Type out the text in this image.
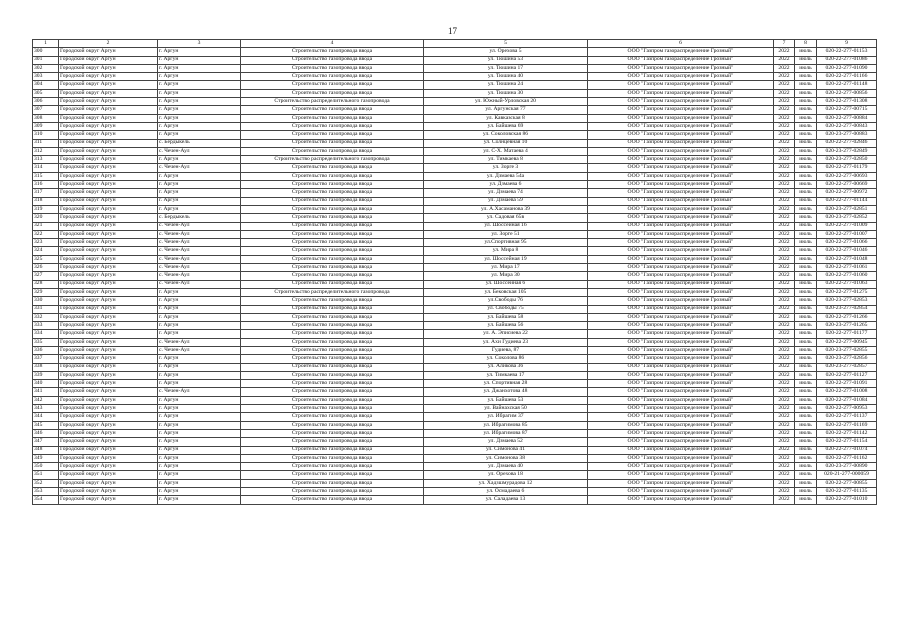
17
1	2	3	4	5	6	7	8	9
300	Городской округ Аргун	г. Аргун	Строительство газопровода ввода	ул. Орехова 5	ООО "Газпром газораспределение Грозный"	2022	июль	020-22-277-01153
301	Городской округ Аргун	г. Аргун	Строительство газопровода ввода	ул. Тюшина 53	ООО "Газпром газораспределение Грозный"	2022	июль	020-22-277-01086
302	Городской округ Аргун	г. Аргун	Строительство газопровода ввода	ул. Тюшина 17	ООО "Газпром газораспределение Грозный"	2022	июль	020-22-277-01090
303	Городской округ Аргун	г. Аргун	Строительство газопровода ввода	ул. Тюшина 40	ООО "Газпром газораспределение Грозный"	2022	июль	020-22-277-01166
304	Городской округ Аргун	г. Аргун	Строительство газопровода ввода	ул. Тюшина 24	ООО "Газпром газораспределение Грозный"	2022	июль	020-22-277-01148
305	Городской округ Аргун	г. Аргун	Строительство газопровода ввода	ул. Тюшина 30	ООО "Газпром газораспределение Грозный"	2022	июль	020-22-277-00856
306	Городской округ Аргун	г. Аргун	Строительство распределительного газопровода	ул. Южный-Урловская 20	ООО "Газпром газораспределение Грозный"	2022	июль	020-22-277-01308
307	Городской округ Аргун	г. Аргун	Строительство газопровода ввода	ул. Аргунская 77	ООО "Газпром газораспределение Грозный"	2022	июль	020-22-277-00715
308	Городской округ Аргун	г. Аргун	Строительство газопровода ввода	ул. Кавказская 8	ООО "Газпром газораспределение Грозный"	2022	июль	020-22-277-00884
309	Городской округ Аргун	г. Аргун	Строительство газопровода ввода	ул. Байшева 69	ООО "Газпром газораспределение Грозный"	2022	июль	020-22-277-00843
310	Городской округ Аргун	г. Аргун	Строительство газопровода ввода	ул. Соколовская 86	ООО "Газпром газораспределение Грозный"	2022	июль	020-23-277-00883
311	Городской округ Аргун	с. Бердыкель	Строительство газопровода ввода	ул. Солнцевная 10	ООО "Газпром газораспределение Грозный"	2022	июль	020-22-277-02846
312	Городской округ Аргун	с. Чечен-Аул	Строительство газопровода ввода	ул. С-Х. Матаева 4	ООО "Газпром газораспределение Грозный"	2022	июль	020-23-277-02849
313	Городской округ Аргун	г. Аргун	Строительство распределительного газопровода	ул. Тимкаева 8	ООО "Газпром газораспределение Грозный"	2022	июль	020-23-277-02850
314	Городской округ Аргун	с. Чечен-Аул	Строительство газопровода ввода	ул. Зорге 3	ООО "Газпром газораспределение Грозный"	2022	июль	020-22-277-01179
315	Городской округ Аргун	г. Аргун	Строительство газопровода ввода	ул. Дзмаева 54а	ООО "Газпром газораспределение Грозный"	2022	июль	020-22-277-00693
316	Городской округ Аргун	г. Аргун	Строительство газопровода ввода	ул. Дзмаева 6	ООО "Газпром газораспределение Грозный"	2022	июль	020-22-277-00669
317	Городской округ Аргун	г. Аргун	Строительство газопровода ввода	ул. Дзмаева 74	ООО "Газпром газораспределение Грозный"	2022	июль	020-22-277-00972
318	Городской округ Аргун	г. Аргун	Строительство газопровода ввода	ул. Дзмаева 59	ООО "Газпром газораспределение Грозный"	2022	июль	020-22-277-01144
319	Городской округ Аргун	г. Аргун	Строительство газопровода ввода	ул. А.Хасаманова 39	ООО "Газпром газораспределение Грозный"	2022	июль	020-23-277-02851
320	Городской округ Аргун	с. Бердыкель	Строительство газопровода ввода	ул. Садовая 65в	ООО "Газпром газораспределение Грозный"	2022	июль	020-23-277-02852
321	Городской округ Аргун	с. Чечен-Аул	Строительство газопровода ввода	ул. Шоссейная 16	ООО "Газпром газораспределение Грозный"	2022	июль	020-22-277-01009
322	Городской округ Аргун	с. Чечен-Аул	Строительство газопровода ввода	ул. Зорге 51	ООО "Газпром газораспределение Грозный"	2022	июль	020-22-277-01007
323	Городской округ Аргун	с. Чечен-Аул	Строительство газопровода ввода	ул.Спортивная 95	ООО "Газпром газораспределение Грозный"	2022	июль	020-22-277-01066
324	Городской округ Аргун	с. Чечен-Аул	Строительство газопровода ввода	ул. Мира 8	ООО "Газпром газораспределение Грозный"	2022	июль	020-22-277-01046
325	Городской округ Аргун	с. Чечен-Аул	Строительство газопровода ввода	ул. Шоссейная 19	ООО "Газпром газораспределение Грозный"	2022	июль	020-22-277-01048
326	Городской округ Аргун	с. Чечен-Аул	Строительство газопровода ввода	ул. Мира 17	ООО "Газпром газораспределение Грозный"	2022	июль	020-22-277-01061
327	Городской округ Аргун	с. Чечен-Аул	Строительство газопровода ввода	ул. Мира 30	ООО "Газпром газораспределение Грозный"	2022	июль	020-22-277-01060
328	Городской округ Аргун	с. Чечен-Аул	Строительство газопровода ввода	ул. Шоссейная 6	ООО "Газпром газораспределение Грозный"	2022	июль	020-22-277-01063
329	Городской округ Аргун	г. Аргун	Строительство распределительного газопровода	ул. Бековская 105	ООО "Газпром газораспределение Грозный"	2022	июль	020-22-277-01275
330	Городской округ Аргун	г. Аргун	Строительство газопровода ввода	ул.Свободы 76	ООО "Газпром газораспределение Грозный"	2022	июль	020-23-277-02853
331	Городской округ Аргун	г. Аргун	Строительство газопровода ввода	ул. Свободы 75	ООО "Газпром газораспределение Грозный"	2022	июль	020-23-277-02854
332	Городской округ Аргун	г. Аргун	Строительство газопровода ввода	ул. Байшева 58	ООО "Газпром газораспределение Грозный"	2022	июль	020-22-277-01266
333	Городской округ Аргун	г. Аргун	Строительство газопровода ввода	ул. Байшева 56	ООО "Газпром газораспределение Грозный"	2022	июль	020-23-277-01265
334	Городской округ Аргун	г. Аргун	Строительство газопровода ввода	ул. А. Эписиева 22	ООО "Газпром газораспределение Грозный"	2022	июль	020-22-277-01177
335	Городской округ Аргун	с. Чечен-Аул	Строительство газопровода ввода	ул. Ахи Гудиева 23	ООО "Газпром газораспределение Грозный"	2022	июль	020-22-277-00945
336	Городской округ Аргун	с. Чечен-Аул	Строительство газопровода ввода	Гудиева, 87	ООО "Газпром газораспределение Грозный"	2022	июль	020-23-277-02855
337	Городской округ Аргун	г. Аргун	Строительство газопровода ввода	ул. Соколова 86	ООО "Газпром газораспределение Грозный"	2022	июль	020-23-277-02856
338	Городской округ Аргун	г. Аргун	Строительство газопровода ввода	ул. Аликова 36	ООО "Газпром газораспределение Грозный"	2022	июль	020-23-277-02857
339	Городской округ Аргун	г. Аргун	Строительство газопровода ввода	ул. Тимкаева 17	ООО "Газпром газораспределение Грозный"	2022	июль	020-22-277-01127
340	Городской округ Аргун	г. Аргун	Строительство газопровода ввода	ул. Спортивная 28	ООО "Газпром газораспределение Грозный"	2022	июль	020-22-277-01091
341	Городской округ Аргун	с. Чечен-Аул	Строительство газопровода ввода	ул. Джанхотова 48	ООО "Газпром газораспределение Грозный"	2022	июль	020-22-277-01008
342	Городской округ Аргун	г. Аргун	Строительство газопровода ввода	ул. Байшева 53	ООО "Газпром газораспределение Грозный"	2022	июль	020-22-277-01084
343	Городской округ Аргун	г. Аргун	Строительство газопровода ввода	ул. Вайнахская 50	ООО "Газпром газораспределение Грозный"	2022	июль	020-22-277-00953
344	Городской округ Аргун	г. Аргун	Строительство газопровода ввода	ул. Ибрагим 37	ООО "Газпром газораспределение Грозный"	2022	июль	020-22-277-01137
345	Городской округ Аргун	г. Аргун	Строительство газопровода ввода	ул. Ибрагимова 85	ООО "Газпром газораспределение Грозный"	2022	июль	020-22-277-01169
346	Городской округ Аргун	г. Аргун	Строительство газопровода ввода	ул. Ибрагимова 87	ООО "Газпром газораспределение Грозный"	2022	июль	020-22-277-01142
347	Городской округ Аргун	г. Аргун	Строительство газопровода ввода	ул. Дзмаева 52	ООО "Газпром газораспределение Грозный"	2022	июль	020-22-277-01154
348	Городской округ Аргун	г. Аргун	Строительство газопровода ввода	ул. Симонова 41	ООО "Газпром газораспределение Грозный"	2022	июль	020-22-277-01074
349	Городской округ Аргун	г. Аргун	Строительство газопровода ввода	ул. Симонова 38	ООО "Газпром газораспределение Грозный"	2022	июль	020-22-277-01162
350	Городской округ Аргун	г. Аргун	Строительство газопровода ввода	ул. Дзмаева 40	ООО "Газпром газораспределение Грозный"	2022	июль	020-23-277-00890
351	Городской округ Аргун	г. Аргун	Строительство газопровода ввода	ул. Орехова 18	ООО "Газпром газораспределение Грозный"	2022	июль	020-21-277-000059
352	Городской округ Аргун	г. Аргун	Строительство газопровода ввода	ул. Хадзшмурадова 12	ООО "Газпром газораспределение Грозный"	2022	июль	020-22-277-00855
353	Городской округ Аргун	г. Аргун	Строительство газопровода ввода	ул. Осмадаева 6	ООО "Газпром газораспределение Грозный"	2022	июль	020-22-277-01135
354	Городской округ Аргун	г. Аргун	Строительство газопровода ввода	ул. Саладаева 13	ООО "Газпром газораспределение Грозный"	2022	июль	020-22-277-01010
